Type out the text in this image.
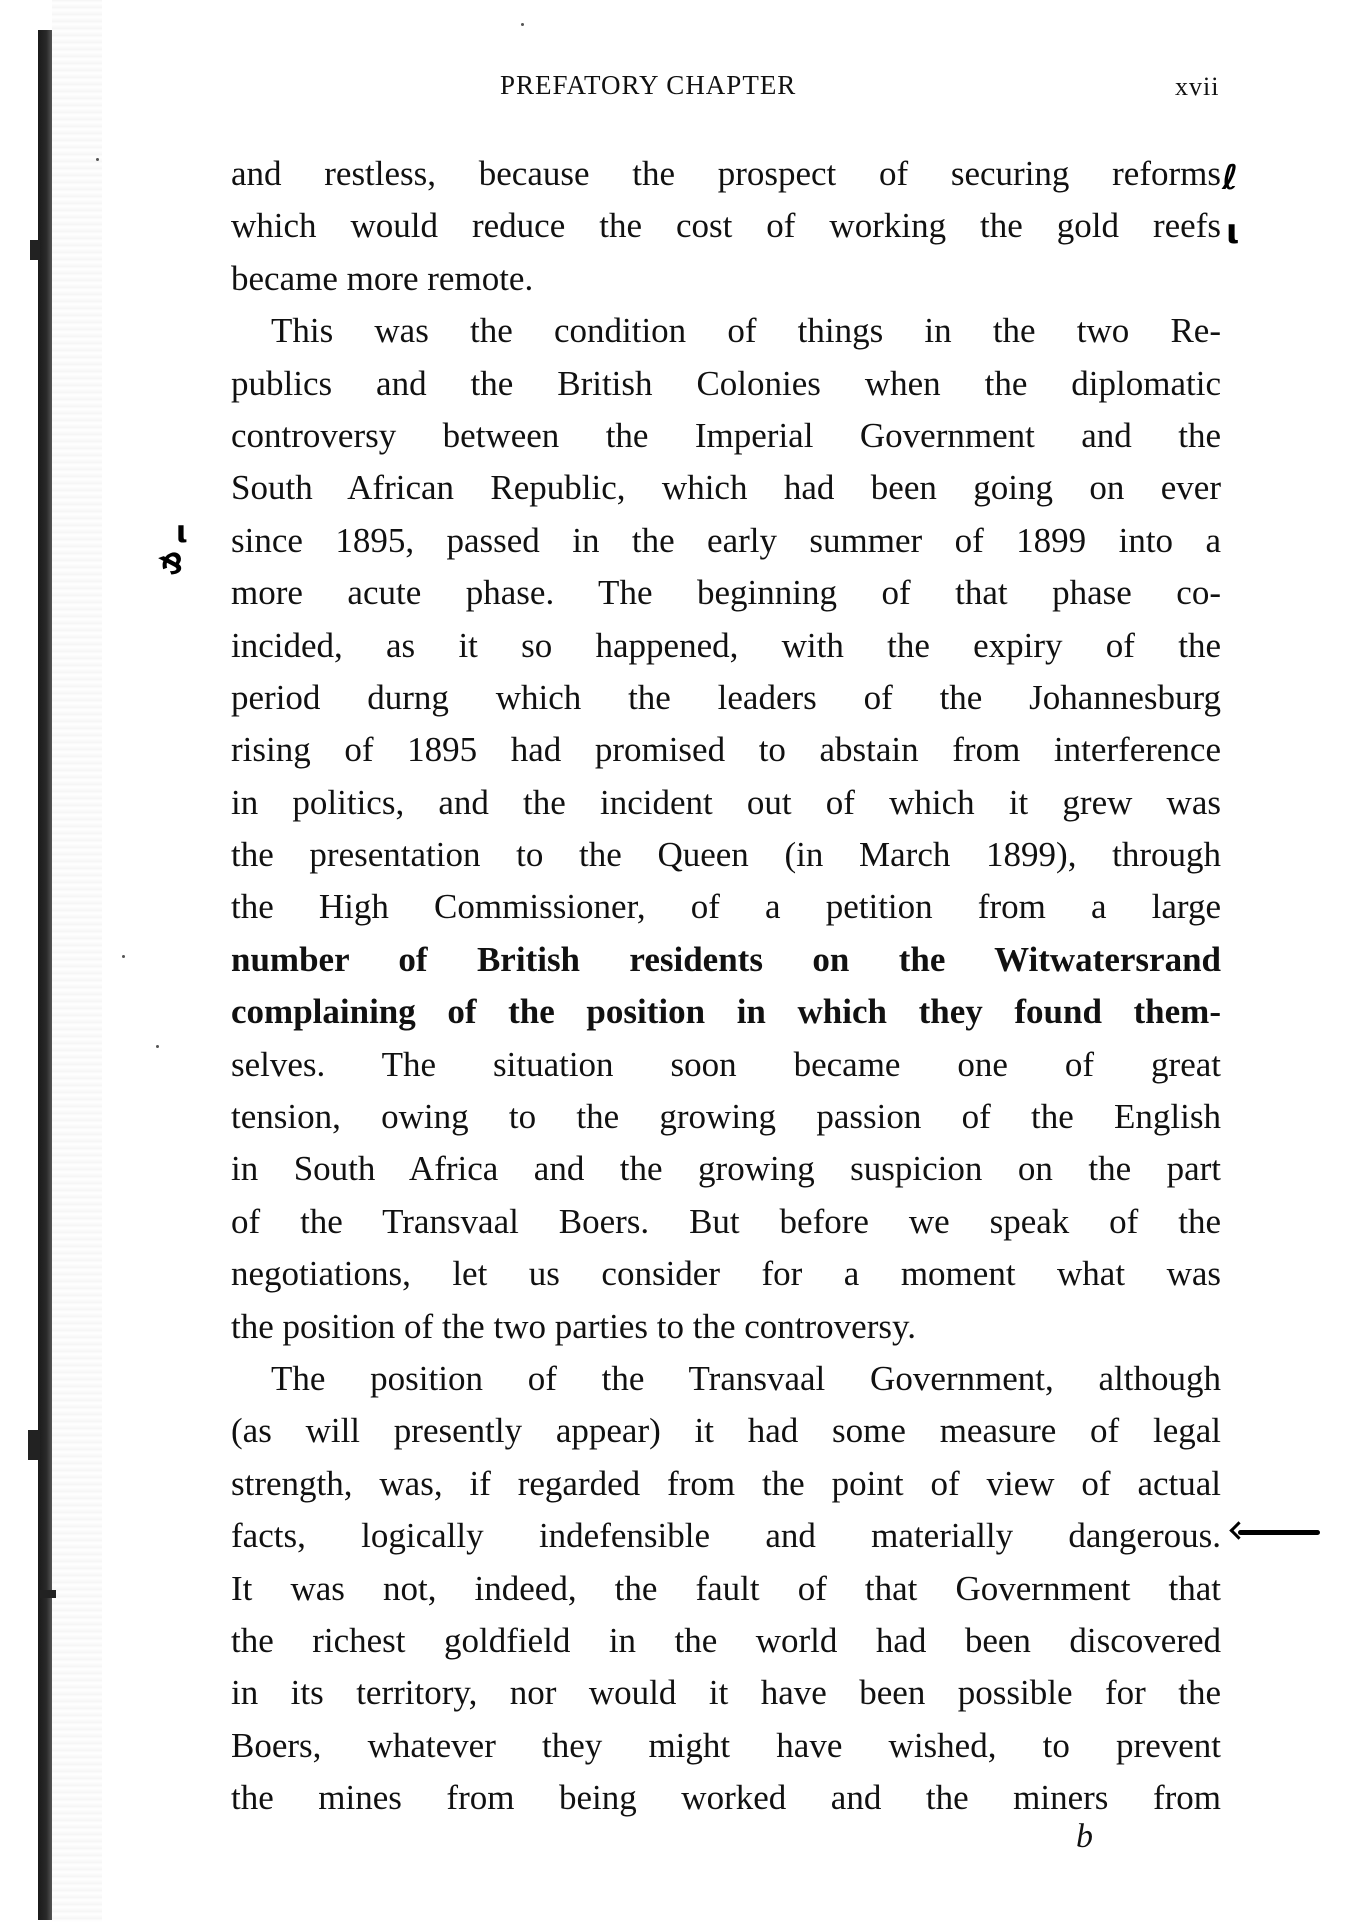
PREFATORY CHAPTER	xvii
and restless, because the prospect of securing reforms
which would reduce the cost of working the gold reefs
became more remote.
This was the condition of things in the two Re-
publics and the British Colonies when the diplomatic
controversy between the Imperial Government and the
South African Republic, which had been going on ever
since 1895, passed in the early summer of 1899 into a
more acute phase. The beginning of that phase co-
incided, as it so happened, with the expiry of the
period durng which the leaders of the Johannesburg
rising of 1895 had promised to abstain from interference
in politics, and the incident out of which it grew was
the presentation to the Queen (in March 1899), through
the High Commissioner, of a petition from a large
number of British residents on the Witwatersrand
complaining of the position in which they found them-
selves. The situation soon became one of great
tension, owing to the growing passion of the English
in South Africa and the growing suspicion on the part
of the Transvaal Boers. But before we speak of the
negotiations, let us consider for a moment what was
the position of the two parties to the controversy.
The position of the Transvaal Government, although
(as will presently appear) it had some measure of legal
strength, was, if regarded from the point of view of actual
facts, logically indefensible and materially dangerous.
It was not, indeed, the fault of that Government that
the richest goldfield in the world had been discovered
in its territory, nor would it have been possible for the
Boers, whatever they might have wished, to prevent
the mines from being worked and the miners from
ℓ
ι
ι
⅋
b
